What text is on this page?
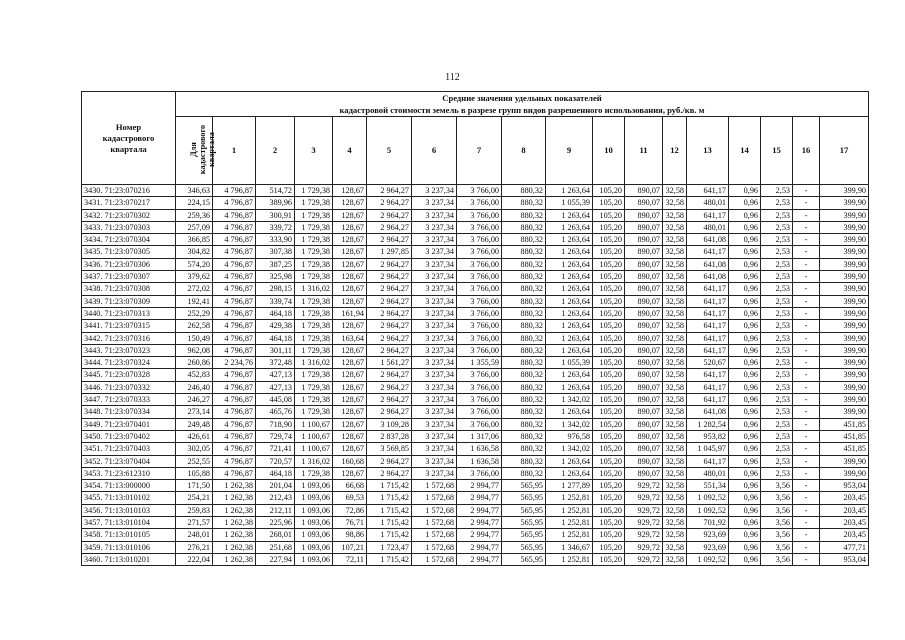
112
Номер кадастрового квартала	Средние значения удельных показателей																	
	кадастровой стоимости земель в разрезе групп видов разрешенного использования, руб./кв. м																	
	Для
кадастрового
квартала	1	2	3	4	5	6	7	8	9	10	11	12	13	14	15	16	17
3430. 71:23:070216	346,63	4 796,87	514,72	1 729,38	128,67	2 964,27	3 237,34	3 766,00	880,32	1 263,64	105,20	890,07	32,58	641,17	0,96	2,53	-	399,90
3431. 71:23:070217	224,15	4 796,87	389,96	1 729,38	128,67	2 964,27	3 237,34	3 766,00	880,32	1 055,39	105,20	890,07	32,58	480,01	0,96	2,53	-	399,90
3432. 71:23:070302	259,36	4 796,87	300,91	1 729,38	128,67	2 964,27	3 237,34	3 766,00	880,32	1 263,64	105,20	890,07	32,58	641,17	0,96	2,53	-	399,90
3433. 71:23:070303	257,09	4 796,87	339,72	1 729,38	128,67	2 964,27	3 237,34	3 766,00	880,32	1 263,64	105,20	890,07	32,58	480,01	0,96	2,53	-	399,90
3434. 71:23:070304	366,85	4 796,87	333,90	1 729,38	128,67	2 964,27	3 237,34	3 766,00	880,32	1 263,64	105,20	890,07	32,58	641,08	0,96	2,53	-	399,90
3435. 71:23:070305	304,82	4 796,87	307,38	1 729,38	128,67	1 297,85	3 237,34	3 766,00	880,32	1 263,64	105,20	890,07	32,58	641,17	0,96	2,53	-	399,90
3436. 71:23:070306	574,20	4 796,87	387,25	1 729,38	128,67	2 964,27	3 237,34	3 766,00	880,32	1 263,64	105,20	890,07	32,58	641,08	0,96	2,53	-	399,90
3437. 71:23:070307	379,62	4 796,87	325,98	1 729,38	128,67	2 964,27	3 237,34	3 766,00	880,32	1 263,64	105,20	890,07	32,58	641,08	0,96	2,53	-	399,90
3438. 71:23:070308	272,02	4 796,87	298,15	1 316,02	128,67	2 964,27	3 237,34	3 766,00	880,32	1 263,64	105,20	890,07	32,58	641,17	0,96	2,53	-	399,90
3439. 71:23:070309	192,41	4 796,87	339,74	1 729,38	128,67	2 964,27	3 237,34	3 766,00	880,32	1 263,64	105,20	890,07	32,58	641,17	0,96	2,53	-	399,90
3440. 71:23:070313	252,29	4 796,87	464,18	1 729,38	161,94	2 964,27	3 237,34	3 766,00	880,32	1 263,64	105,20	890,07	32,58	641,17	0,96	2,53	-	399,90
3441. 71:23:070315	262,58	4 796,87	429,38	1 729,38	128,67	2 964,27	3 237,34	3 766,00	880,32	1 263,64	105,20	890,07	32,58	641,17	0,96	2,53	-	399,90
3442. 71:23:070316	150,49	4 796,87	464,18	1 729,38	163,64	2 964,27	3 237,34	3 766,00	880,32	1 263,64	105,20	890,07	32,58	641,17	0,96	2,53	-	399,90
3443. 71:23:070323	962,08	4 796,87	301,11	1 729,38	128,67	2 964,27	3 237,34	3 766,00	880,32	1 263,64	105,20	890,07	32,58	641,17	0,96	2,53	-	399,90
3444. 71:23:070324	260,86	2 234,76	372,48	1 316,02	128,67	1 561,27	3 237,34	1 355,59	880,32	1 055,39	105,20	890,07	32,58	520,67	0,96	2,53	-	399,90
3445. 71:23:070328	452,83	4 796,87	427,13	1 729,38	128,67	2 964,27	3 237,34	3 766,00	880,32	1 263,64	105,20	890,07	32,58	641,17	0,96	2,53	-	399,90
3446. 71:23:070332	246,40	4 796,87	427,13	1 729,38	128,67	2 964,27	3 237,34	3 766,00	880,32	1 263,64	105,20	890,07	32,58	641,17	0,96	2,53	-	399,90
3447. 71:23:070333	246,27	4 796,87	445,08	1 729,38	128,67	2 964,27	3 237,34	3 766,00	880,32	1 342,02	105,20	890,07	32,58	641,17	0,96	2,53	-	399,90
3448. 71:23:070334	273,14	4 796,87	465,76	1 729,38	128,67	2 964,27	3 237,34	3 766,00	880,32	1 263,64	105,20	890,07	32,58	641,08	0,96	2,53	-	399,90
3449. 71:23:070401	249,48	4 796,87	718,90	1 100,67	128,67	3 109,28	3 237,34	3 766,00	880,32	1 342,02	105,20	890,07	32,58	1 282,54	0,96	2,53	-	451,85
3450. 71:23:070402	426,61	4 796,87	729,74	1 100,67	128,67	2 837,28	3 237,34	1 317,06	880,32	976,58	105,20	890,07	32,58	953,82	0,96	2,53	-	451,85
3451. 71:23:070403	302,05	4 796,87	721,41	1 100,67	128,67	3 569,85	3 237,34	1 636,58	880,32	1 342,02	105,20	890,07	32,58	1 045,97	0,96	2,53	-	451,85
3452. 71:23:070404	252,55	4 796,87	720,57	1 316,02	160,68	2 964,27	3 237,34	1 636,58	880,32	1 263,64	105,20	890,07	32,58	641,17	0,96	2,53	-	399,90
3453. 71:23:612310	105,88	4 796,87	464,18	1 729,38	128,67	2 964,27	3 237,34	3 766,00	880,32	1 263,64	105,20	890,07	32,58	480,01	0,96	2,53	-	399,90
3454. 71:13:000000	171,50	1 262,38	201,04	1 093,06	66,68	1 715,42	1 572,68	2 994,77	565,95	1 277,89	105,20	929,72	32,58	551,34	0,96	3,56	-	953,04
3455. 71:13:010102	254,21	1 262,38	212,43	1 093,06	69,53	1 715,42	1 572,68	2 994,77	565,95	1 252,81	105,20	929,72	32,58	1 092,52	0,96	3,56	-	203,45
3456. 71:13:010103	259,83	1 262,38	212,11	1 093,06	72,86	1 715,42	1 572,68	2 994,77	565,95	1 252,81	105,20	929,72	32,58	1 092,52	0,96	3,56	-	203,45
3457. 71:13:010104	271,57	1 262,38	225,96	1 093,06	76,71	1 715,42	1 572,68	2 994,77	565,95	1 252,81	105,20	929,72	32,58	701,92	0,96	3,56	-	203,45
3458. 71:13:010105	248,01	1 262,38	268,01	1 093,06	98,86	1 715,42	1 572,68	2 994,77	565,95	1 252,81	105,20	929,72	32,58	923,69	0,96	3,56	-	203,45
3459. 71:13:010106	276,21	1 262,38	251,68	1 093,06	107,21	1 723,47	1 572,68	2 994,77	565,95	1 346,67	105,20	929,72	32,58	923,69	0,96	3,56	-	477,71
3460. 71:13:010201	222,04	1 262,38	227,94	1 093,06	72,11	1 715,42	1 572,68	2 994,77	565,95	1 252,81	105,20	929,72	32,58	1 092,52	0,96	3,56	-	953,04
